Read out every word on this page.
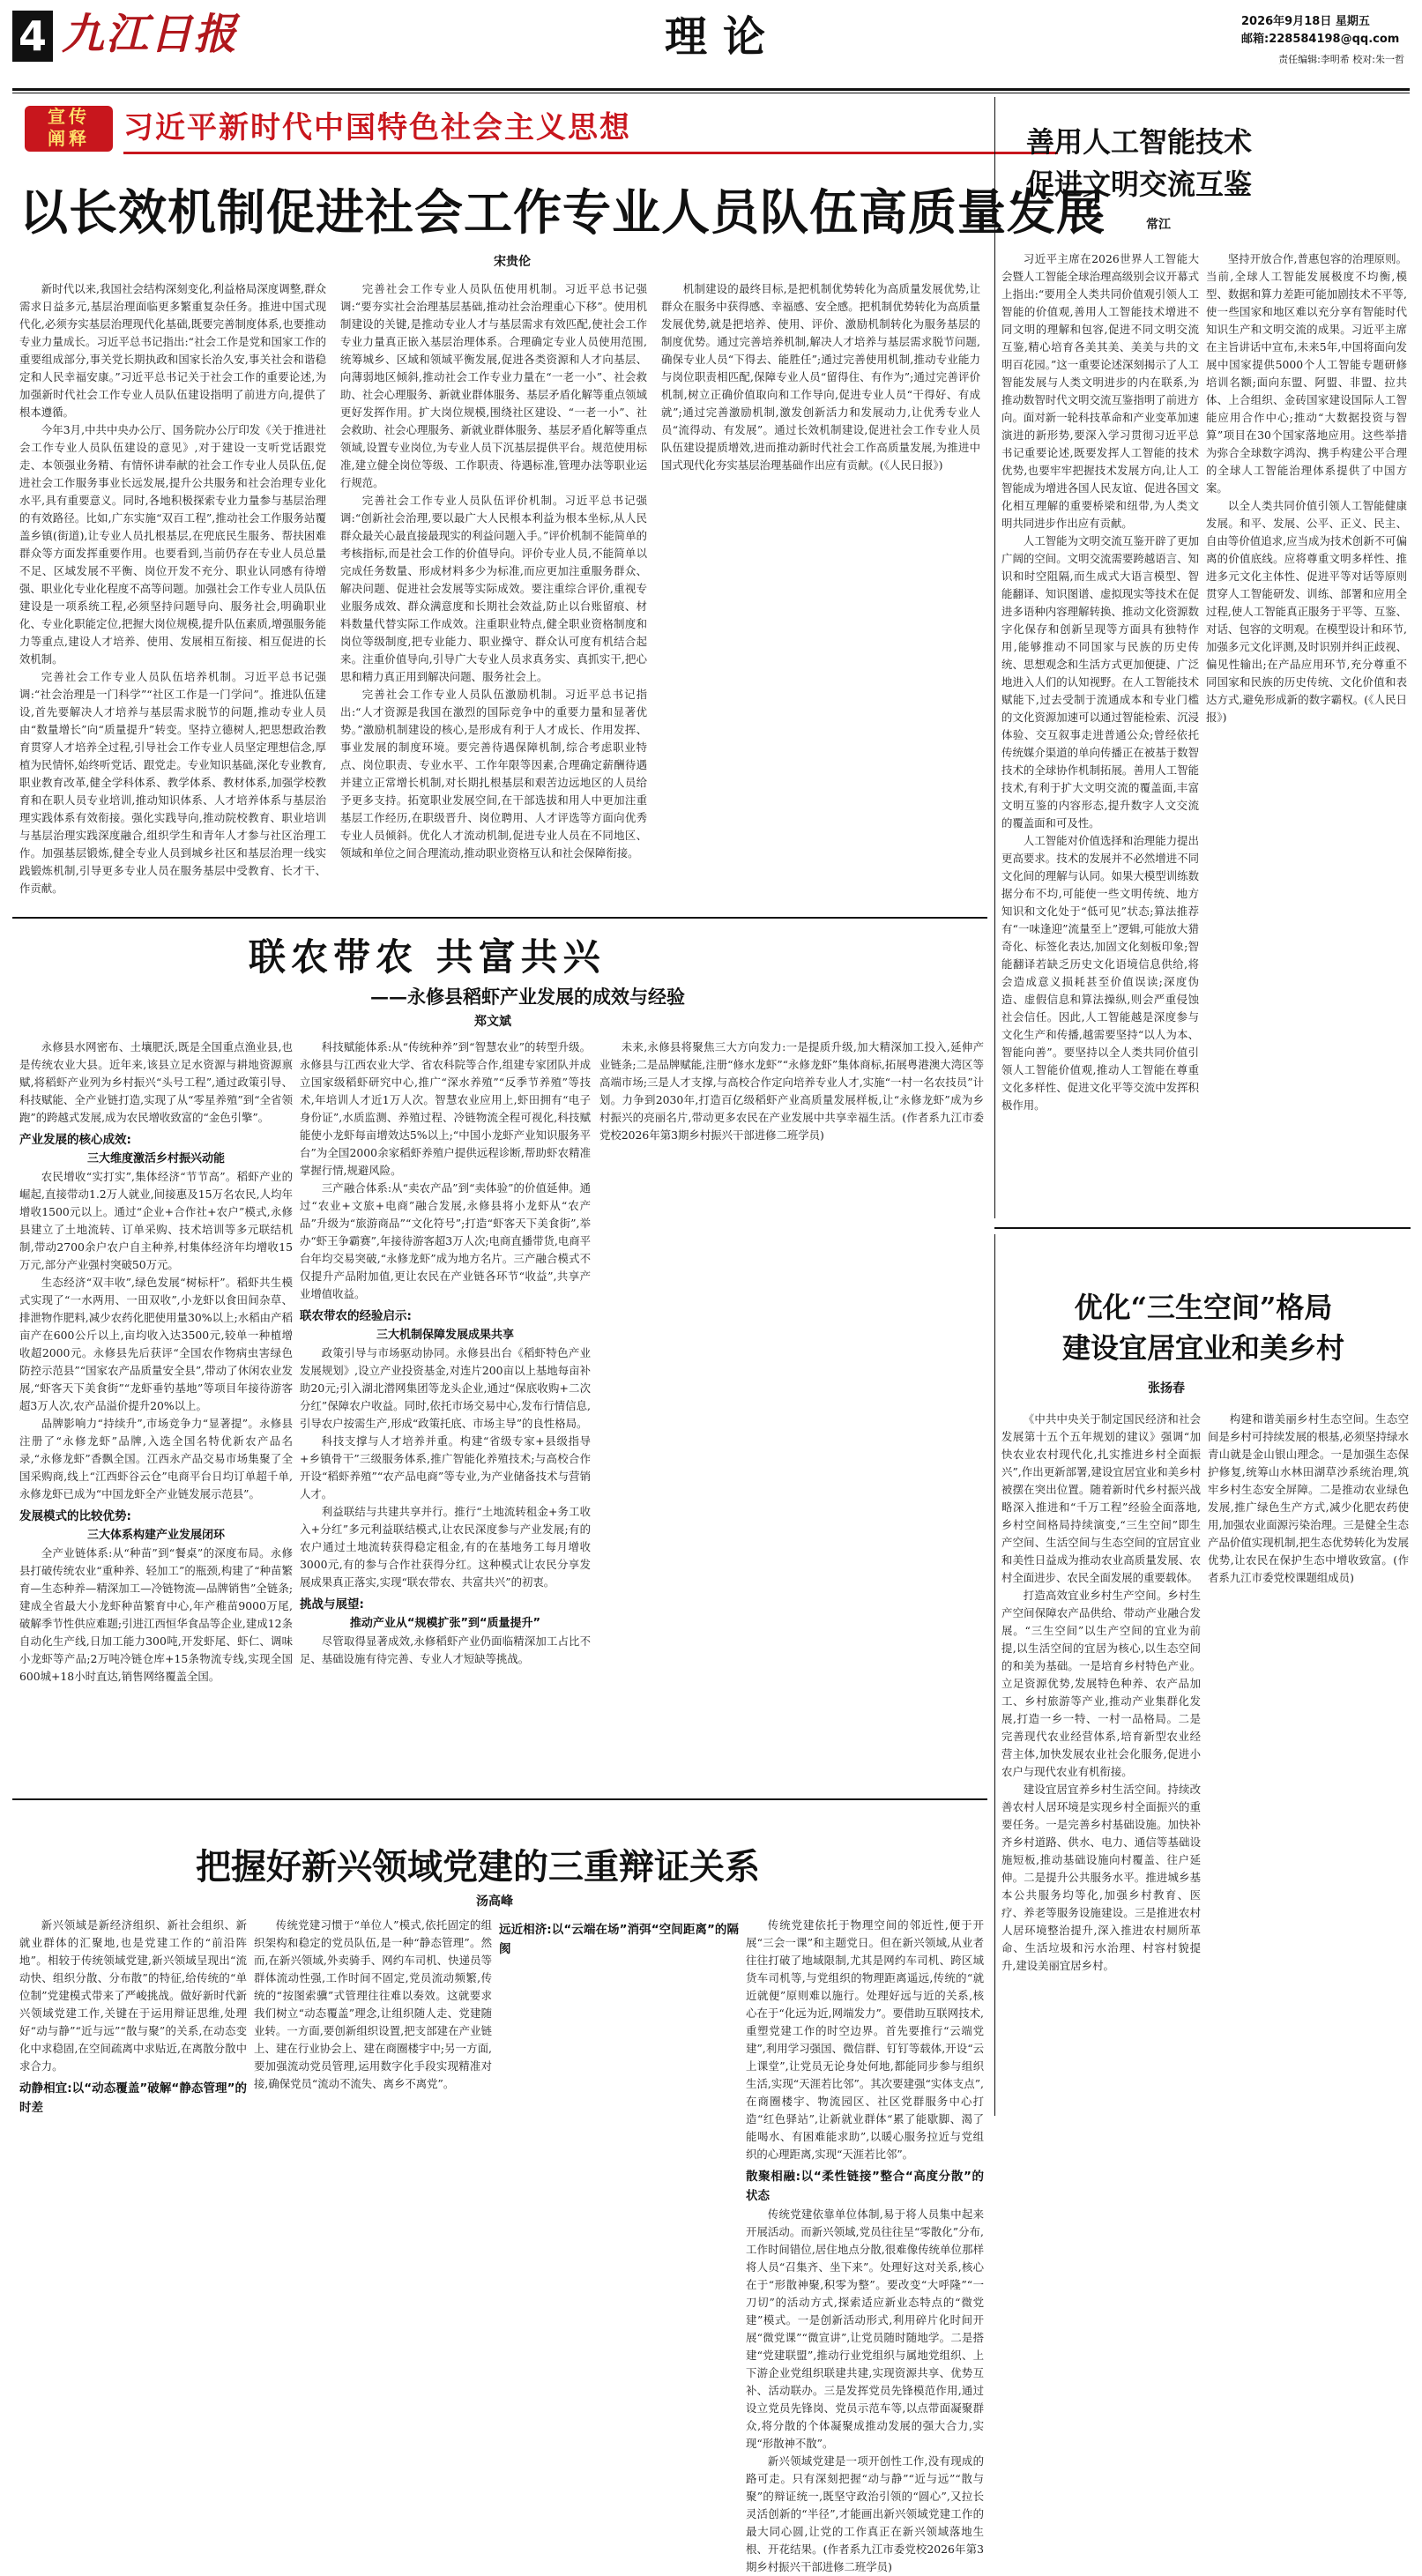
4 九江日报	理论	2026年9月18日 星期五
邮箱:228584198@qq.com
责任编辑:李明希 校对:朱一哲
宣传
阐释	习近平新时代中国特色社会主义思想
以长效机制促进社会工作专业人员队伍高质量发展
宋贵伦

新时代以来,我国社会结构深刻变化,利益格局深度调整,群众需求日益多元,基层治理面临更多繁重复杂任务。推进中国式现代化,必须夯实基层治理现代化基础,既要完善制度体系,也要推动专业力量成长。习近平总书记指出:“社会工作是党和国家工作的重要组成部分,事关党长期执政和国家长治久安,事关社会和谐稳定和人民幸福安康。”习近平总书记关于社会工作的重要论述,为加强新时代社会工作专业人员队伍建设指明了前进方向,提供了根本遵循。

今年3月,中共中央办公厅、国务院办公厅印发《关于推进社会工作专业人员队伍建设的意见》,对于建设一支听党话跟党走、本领强业务精、有情怀讲奉献的社会工作专业人员队伍,促进社会工作服务事业长远发展,提升公共服务和社会治理专业化水平,具有重要意义。同时,各地积极探索专业力量参与基层治理的有效路径。比如,广东实施“双百工程”,推动社会工作服务站覆盖乡镇(街道),让专业人员扎根基层,在兜底民生服务、帮扶困难群众等方面发挥重要作用。也要看到,当前仍存在专业人员总量不足、区域发展不平衡、岗位开发不充分、职业认同感有待增强、职业化专业化程度不高等问题。加强社会工作专业人员队伍建设是一项系统工程,必须坚持问题导向、服务社会,明确职业化、专业化职能定位,把握大岗位规模,提升队伍素质,增强服务能力等重点,建设人才培养、使用、发展相互衔接、相互促进的长效机制。

完善社会工作专业人员队伍培养机制。习近平总书记强调:“社会治理是一门科学”“社区工作是一门学问”。推进队伍建设,首先要解决人才培养与基层需求脱节的问题,推动专业人员由“数量增长”向“质量提升”转变。坚持立德树人,把思想政治教育贯穿人才培养全过程,引导社会工作专业人员坚定理想信念,厚植为民情怀,始终听党话、跟党走。专业知识基础,深化专业教育,职业教育改革,健全学科体系、教学体系、教材体系,加强学校教育和在职人员专业培训,推动知识体系、人才培养体系与基层治理实践体系有效衔接。强化实践导向,推动院校教育、职业培训与基层治理实践深度融合,组织学生和青年人才参与社区治理工作。加强基层锻炼,健全专业人员到城乡社区和基层治理一线实践锻炼机制,引导更多专业人员在服务基层中受教育、长才干、作贡献。

完善社会工作专业人员队伍使用机制。习近平总书记强调:“要夯实社会治理基层基础,推动社会治理重心下移”。使用机制建设的关键,是推动专业人才与基层需求有效匹配,使社会工作专业力量真正嵌入基层治理体系。合理确定专业人员使用范围,统筹城乡、区域和领域平衡发展,促进各类资源和人才向基层、向薄弱地区倾斜,推动社会工作专业力量在“一老一小”、社会救助、社会心理服务、新就业群体服务、基层矛盾化解等重点领域更好发挥作用。扩大岗位规模,围绕社区建设、“一老一小”、社会救助、社会心理服务、新就业群体服务、基层矛盾化解等重点领域,设置专业岗位,为专业人员下沉基层提供平台。规范使用标准,建立健全岗位等级、工作职责、待遇标准,管理办法等职业运行规范。

完善社会工作专业人员队伍评价机制。习近平总书记强调:“创新社会治理,要以最广大人民根本利益为根本坐标,从人民群众最关心最直接最现实的利益问题入手。”评价机制不能简单的考核指标,而是社会工作的价值导向。评价专业人员,不能简单以完成任务数量、形成材料多少为标准,而应更加注重服务群众、解决问题、促进社会发展等实际成效。要注重综合评价,重视专业服务成效、群众满意度和长期社会效益,防止以台账留痕、材料数量代替实际工作成效。注重职业特点,健全职业资格制度和岗位等级制度,把专业能力、职业操守、群众认可度有机结合起来。注重价值导向,引导广大专业人员求真务实、真抓实干,把心思和精力真正用到解决问题、服务社会上。

完善社会工作专业人员队伍激励机制。习近平总书记指出:“人才资源是我国在激烈的国际竞争中的重要力量和显著优势。”激励机制建设的核心,是形成有利于人才成长、作用发挥、事业发展的制度环境。要完善待遇保障机制,综合考虑职业特点、岗位职责、专业水平、工作年限等因素,合理确定薪酬待遇并建立正常增长机制,对长期扎根基层和艰苦边远地区的人员给予更多支持。拓宽职业发展空间,在干部选拔和用人中更加注重基层工作经历,在职级晋升、岗位聘用、人才评选等方面向优秀专业人员倾斜。优化人才流动机制,促进专业人员在不同地区、领域和单位之间合理流动,推动职业资格互认和社会保障衔接。

机制建设的最终目标,是把机制优势转化为高质量发展优势,让群众在服务中获得感、幸福感、安全感。把机制优势转化为高质量发展优势,就是把培养、使用、评价、激励机制转化为服务基层的制度优势。通过完善培养机制,解决人才培养与基层需求脱节问题,确保专业人员“下得去、能胜任”;通过完善使用机制,推动专业能力与岗位职责相匹配,保障专业人员“留得住、有作为”;通过完善评价机制,树立正确价值取向和工作导向,促进专业人员“干得好、有成就”;通过完善激励机制,激发创新活力和发展动力,让优秀专业人员“流得动、有发展”。通过长效机制建设,促进社会工作专业人员队伍建设提质增效,进而推动新时代社会工作高质量发展,为推进中国式现代化夯实基层治理基础作出应有贡献。(《人民日报》)

善用人工智能技术
促进文明交流互鉴
常江

习近平主席在2026世界人工智能大会暨人工智能全球治理高级别会议开幕式上指出:“要用全人类共同价值观引领人工智能的价值观,善用人工智能技术增进不同文明的理解和包容,促进不同文明交流互鉴,精心培育各美其美、美美与共的文明百花园。”这一重要论述深刻揭示了人工智能发展与人类文明进步的内在联系,为推动数智时代文明交流互鉴指明了前进方向。面对新一轮科技革命和产业变革加速演进的新形势,要深入学习贯彻习近平总书记重要论述,既要发挥人工智能的技术优势,也要牢牢把握技术发展方向,让人工智能成为增进各国人民友谊、促进各国文化相互理解的重要桥梁和纽带,为人类文明共同进步作出应有贡献。

人工智能为文明交流互鉴开辟了更加广阔的空间。文明交流需要跨越语言、知识和时空阻隔,而生成式大语言模型、智能翻译、知识图谱、虚拟现实等技术在促进多语种内容理解转换、推动文化资源数字化保存和创新呈现等方面具有独特作用,能够推动不同国家与民族的历史传统、思想观念和生活方式更加便捷、广泛地进入人们的认知视野。在人工智能技术赋能下,过去受制于流通成本和专业门槛的文化资源加速可以通过智能检索、沉浸体验、交互叙事走进普通公众;曾经依托传统媒介渠道的单向传播正在被基于数智技术的全球协作机制拓展。善用人工智能技术,有利于扩大文明交流的覆盖面,丰富文明互鉴的内容形态,提升数字人文交流的覆盖面和可及性。

人工智能对价值选择和治理能力提出更高要求。技术的发展并不必然增进不同文化间的理解与认同。如果大模型训练数据分布不均,可能使一些文明传统、地方知识和文化处于“低可见”状态;算法推荐有“一味逢迎”流量至上”逻辑,可能放大猎奇化、标签化表达,加固文化刻板印象;智能翻译若缺乏历史文化语境信息供给,将会造成意义损耗甚至价值误读;深度伪造、虚假信息和算法操纵,则会严重侵蚀社会信任。因此,人工智能越是深度参与文化生产和传播,越需要坚持“以人为本、智能向善”。要坚持以全人类共同价值引领人工智能价值观,推动人工智能在尊重文化多样性、促进文化平等交流中发挥积极作用。

坚持开放合作,普惠包容的治理原则。当前,全球人工智能发展极度不均衡,模型、数据和算力差距可能加剧技术不平等,使一些国家和地区难以充分享有智能时代知识生产和文明交流的成果。习近平主席在主旨讲话中宣布,未来5年,中国将面向发展中国家提供5000个人工智能专题研修培训名额;面向东盟、阿盟、非盟、拉共体、上合组织、金砖国家建设国际人工智能应用合作中心;推动“大数据投资与智算”项目在30个国家落地应用。这些举措为弥合全球数字鸿沟、携手构建公平合理的全球人工智能治理体系提供了中国方案。

以全人类共同价值引领人工智能健康发展。和平、发展、公平、正义、民主、自由等价值追求,应当成为技术创新不可偏离的价值底线。应将尊重文明多样性、推进多元文化主体性、促进平等对话等原则贯穿人工智能研发、训练、部署和应用全过程,使人工智能真正服务于平等、互鉴、对话、包容的文明观。在模型设计和环节,加强多元文化评测,及时识别并纠正歧视、偏见性输出;在产品应用环节,充分尊重不同国家和民族的历史传统、文化价值和表达方式,避免形成新的数字霸权。(《人民日报》)

联农带农 共富共兴
——永修县稻虾产业发展的成效与经验
郑文斌

永修县水网密布、土壤肥沃,既是全国重点渔业县,也是传统农业大县。近年来,该县立足水资源与耕地资源禀赋,将稻虾产业列为乡村振兴“头号工程”,通过政策引导、科技赋能、全产业链打造,实现了从“零星养殖”到“全省领跑”的跨越式发展,成为农民增收致富的“金色引擎”。

产业发展的核心成效:
三大维度激活乡村振兴动能

农民增收“实打实”,集体经济“节节高”。稻虾产业的崛起,直接带动1.2万人就业,间接惠及15万名农民,人均年增收1500元以上。通过“企业+合作社+农户”模式,永修县建立了土地流转、订单采购、技术培训等多元联结机制,带动2700余户农户自主种养,村集体经济年均增收15万元,部分产业强村突破50万元。

生态经济“双丰收”,绿色发展“树标杆”。稻虾共生模式实现了“一水两用、一田双收”,小龙虾以食田间杂草、排泄物作肥料,减少农药化肥使用量30%以上;水稻由产稻亩产在600公斤以上,亩均收入达3500元,较单一种植增收超2000元。永修县先后获评“全国农作物病虫害绿色防控示范县”“国家农产品质量安全县”,带动了休闲农业发展,“虾客天下美食街”“龙虾垂钓基地”等项目年接待游客超3万人次,农产品溢价提升20%以上。

品牌影响力“持续升”,市场竞争力“显著提”。永修县注册了“永修龙虾”品牌,入选全国名特优新农产品名录,“永修龙虾”香飘全国。江西永产品交易市场集聚了全国采购商,线上“江西虾谷云仓”电商平台日均订单超千单,永修龙虾已成为“中国龙虾全产业链发展示范县”。

发展模式的比较优势:
三大体系构建产业发展闭环

全产业链体系:从“种苗”到“餐桌”的深度布局。永修县打破传统农业“重种养、轻加工”的瓶颈,构建了“种苗繁育—生态种养—精深加工—冷链物流—品牌销售”全链条;建成全省最大小龙虾种苗繁育中心,年产稚苗9000万尾,破解季节性供应难题;引进江西恒华食品等企业,建成12条自动化生产线,日加工能力300吨,开发虾尾、虾仁、调味小龙虾等产品;2万吨冷链仓库+15条物流专线,实现全国600城+18小时直达,销售网络覆盖全国。

科技赋能体系:从“传统种养”到“智慧农业”的转型升级。永修县与江西农业大学、省农科院等合作,组建专家团队并成立国家级稻虾研究中心,推广“深水养殖”“反季节养殖”等技术,年培训人才近1万人次。智慧农业应用上,虾田拥有“电子身份证”,水质监测、养殖过程、冷链物流全程可视化,科技赋能使小龙虾每亩增效达5%以上;“中国小龙虾产业知识服务平台”为全国2000余家稻虾养殖户提供远程诊断,帮助虾农精准掌握行情,规避风险。

三产融合体系:从“卖农产品”到“卖体验”的价值延伸。通过“农业+文旅+电商”融合发展,永修县将小龙虾从“农产品”升级为“旅游商品”“文化符号”;打造“虾客天下美食街”,举办“虾王争霸赛”,年接待游客超3万人次;电商直播带货,电商平台年均交易突破,“永修龙虾”成为地方名片。三产融合模式不仅提升产品附加值,更让农民在产业链各环节“收益”,共享产业增值收益。

联农带农的经验启示:
三大机制保障发展成果共享

政策引导与市场驱动协同。永修县出台《稻虾特色产业发展规划》,设立产业投资基金,对连片200亩以上基地每亩补助20元;引入湖北潜网集团等龙头企业,通过“保底收购+二次分红”保障农户收益。同时,依托市场交易中心,发布行情信息,引导农户按需生产,形成“政策托底、市场主导”的良性格局。

科技支撑与人才培养并重。构建“省级专家+县级指导+乡镇骨干”三级服务体系,推广智能化养殖技术;与高校合作开设“稻虾养殖”“农产品电商”等专业,为产业储备技术与营销人才。

利益联结与共建共享并行。推行“土地流转租金+务工收入+分红”多元利益联结模式,让农民深度参与产业发展;有的农户通过土地流转获得稳定租金,有的在基地务工每月增收3000元,有的参与合作社获得分红。这种模式让农民分享发展成果真正落实,实现“联农带农、共富共兴”的初衷。

挑战与展望:
推动产业从“规模扩张”到“质量提升”

尽管取得显著成效,永修稻虾产业仍面临精深加工占比不足、基础设施有待完善、专业人才短缺等挑战。

未来,永修县将聚焦三大方向发力:一是提质升级,加大精深加工投入,延伸产业链条;二是品牌赋能,注册“修水龙虾”“永修龙虾”集体商标,拓展粤港澳大湾区等高端市场;三是人才支撑,与高校合作定向培养专业人才,实施“一村一名农技员”计划。力争到2030年,打造百亿级稻虾产业高质量发展样板,让“永修龙虾”成为乡村振兴的亮丽名片,带动更多农民在产业发展中共享幸福生活。(作者系九江市委党校2026年第3期乡村振兴干部进修二班学员)

优化“三生空间”格局
建设宜居宜业和美乡村
张扬春

《中共中央关于制定国民经济和社会发展第十五个五年规划的建议》强调“加快农业农村现代化,扎实推进乡村全面振兴”,作出更新部署,建设宜居宜业和美乡村被摆在突出位置。随着新时代乡村振兴战略深入推进和“千万工程”经验全面落地,乡村空间格局持续演变,“三生空间”即生产空间、生活空间与生态空间的宜居宜业和美性日益成为推动农业高质量发展、农村全面进步、农民全面发展的重要载体。

打造高效宜业乡村生产空间。乡村生产空间保障农产品供给、带动产业融合发展。“三生空间”以生产空间的宜业为前提,以生活空间的宜居为核心,以生态空间的和美为基础。一是培育乡村特色产业。立足资源优势,发展特色种养、农产品加工、乡村旅游等产业,推动产业集群化发展,打造一乡一特、一村一品格局。二是完善现代农业经营体系,培育新型农业经营主体,加快发展农业社会化服务,促进小农户与现代农业有机衔接。

建设宜居宜养乡村生活空间。持续改善农村人居环境是实现乡村全面振兴的重要任务。一是完善乡村基础设施。加快补齐乡村道路、供水、电力、通信等基础设施短板,推动基础设施向村覆盖、往户延伸。二是提升公共服务水平。推进城乡基本公共服务均等化,加强乡村教育、医疗、养老等服务设施建设。三是推进农村人居环境整治提升,深入推进农村厕所革命、生活垃圾和污水治理、村容村貌提升,建设美丽宜居乡村。

构建和谐美丽乡村生态空间。生态空间是乡村可持续发展的根基,必须坚持绿水青山就是金山银山理念。一是加强生态保护修复,统筹山水林田湖草沙系统治理,筑牢乡村生态安全屏障。二是推动农业绿色发展,推广绿色生产方式,减少化肥农药使用,加强农业面源污染治理。三是健全生态产品价值实现机制,把生态优势转化为发展优势,让农民在保护生态中增收致富。(作者系九江市委党校课题组成员)

把握好新兴领域党建的三重辩证关系
汤高峰

新兴领域是新经济组织、新社会组织、新就业群体的汇聚地,也是党建工作的“前沿阵地”。相较于传统领域党建,新兴领域呈现出“流动快、组织分散、分布散”的特征,给传统的“单位制”党建模式带来了严峻挑战。做好新时代新兴领域党建工作,关键在于运用辩证思维,处理好“动与静”“近与远”“散与聚”的关系,在动态变化中求稳固,在空间疏离中求贴近,在离散分散中求合力。

动静相宜:以“动态覆盖”破解“静态管理”的时差

传统党建习惯于“单位人”模式,依托固定的组织架构和稳定的党员队伍,是一种“静态管理”。然而,在新兴领域,外卖骑手、网约车司机、快递员等群体流动性强,工作时间不固定,党员流动频繁,传统的“按图索骥”式管理往往难以奏效。这就要求我们树立“动态覆盖”理念,让组织随人走、党建随业转。一方面,要创新组织设置,把支部建在产业链上、建在行业协会上、建在商圈楼宇中;另一方面,要加强流动党员管理,运用数字化手段实现精准对接,确保党员“流动不流失、离乡不离党”。

远近相济:以“云端在场”消弭“空间距离”的隔阂

传统党建依托于物理空间的邻近性,便于开展“三会一课”和主题党日。但在新兴领域,从业者往往打破了地域限制,尤其是网约车司机、跨区域货车司机等,与党组织的物理距离遥远,传统的“就近就便”原则难以施行。处理好远与近的关系,核心在于“化远为近,网端发力”。要借助互联网技术,重塑党建工作的时空边界。首先要推行“云端党建”,利用学习强国、微信群、钉钉等载体,开设“云上课堂”,让党员无论身处何地,都能同步参与组织生活,实现“天涯若比邻”。其次要建强“实体支点”,在商圈楼宇、物流园区、社区党群服务中心打造“红色驿站”,让新就业群体“累了能歇脚、渴了能喝水、有困难能求助”,以暖心服务拉近与党组织的心理距离,实现“天涯若比邻”。

散聚相融:以“柔性链接”整合“高度分散”的状态

传统党建依靠单位体制,易于将人员集中起来开展活动。而新兴领域,党员往往呈“零散化”分布,工作时间错位,居住地点分散,很难像传统单位那样将人员“召集齐、坐下来”。处理好这对关系,核心在于“形散神聚,积零为整”。要改变“大呼隆”“一刀切”的活动方式,探索适应新业态特点的“微党建”模式。一是创新活动形式,利用碎片化时间开展“微党课”“微宣讲”,让党员随时随地学。二是搭建“党建联盟”,推动行业党组织与属地党组织、上下游企业党组织联建共建,实现资源共享、优势互补、活动联办。三是发挥党员先锋模范作用,通过设立党员先锋岗、党员示范车等,以点带面凝聚群众,将分散的个体凝聚成推动发展的强大合力,实现“形散神不散”。

新兴领域党建是一项开创性工作,没有现成的路可走。只有深刻把握“动与静”“近与远”“散与聚”的辩证统一,既坚守政治引领的“圆心”,又拉长灵活创新的“半径”,才能画出新兴领域党建工作的最大同心圆,让党的工作真正在新兴领域落地生根、开花结果。(作者系九江市委党校2026年第3期乡村振兴干部进修二班学员)
